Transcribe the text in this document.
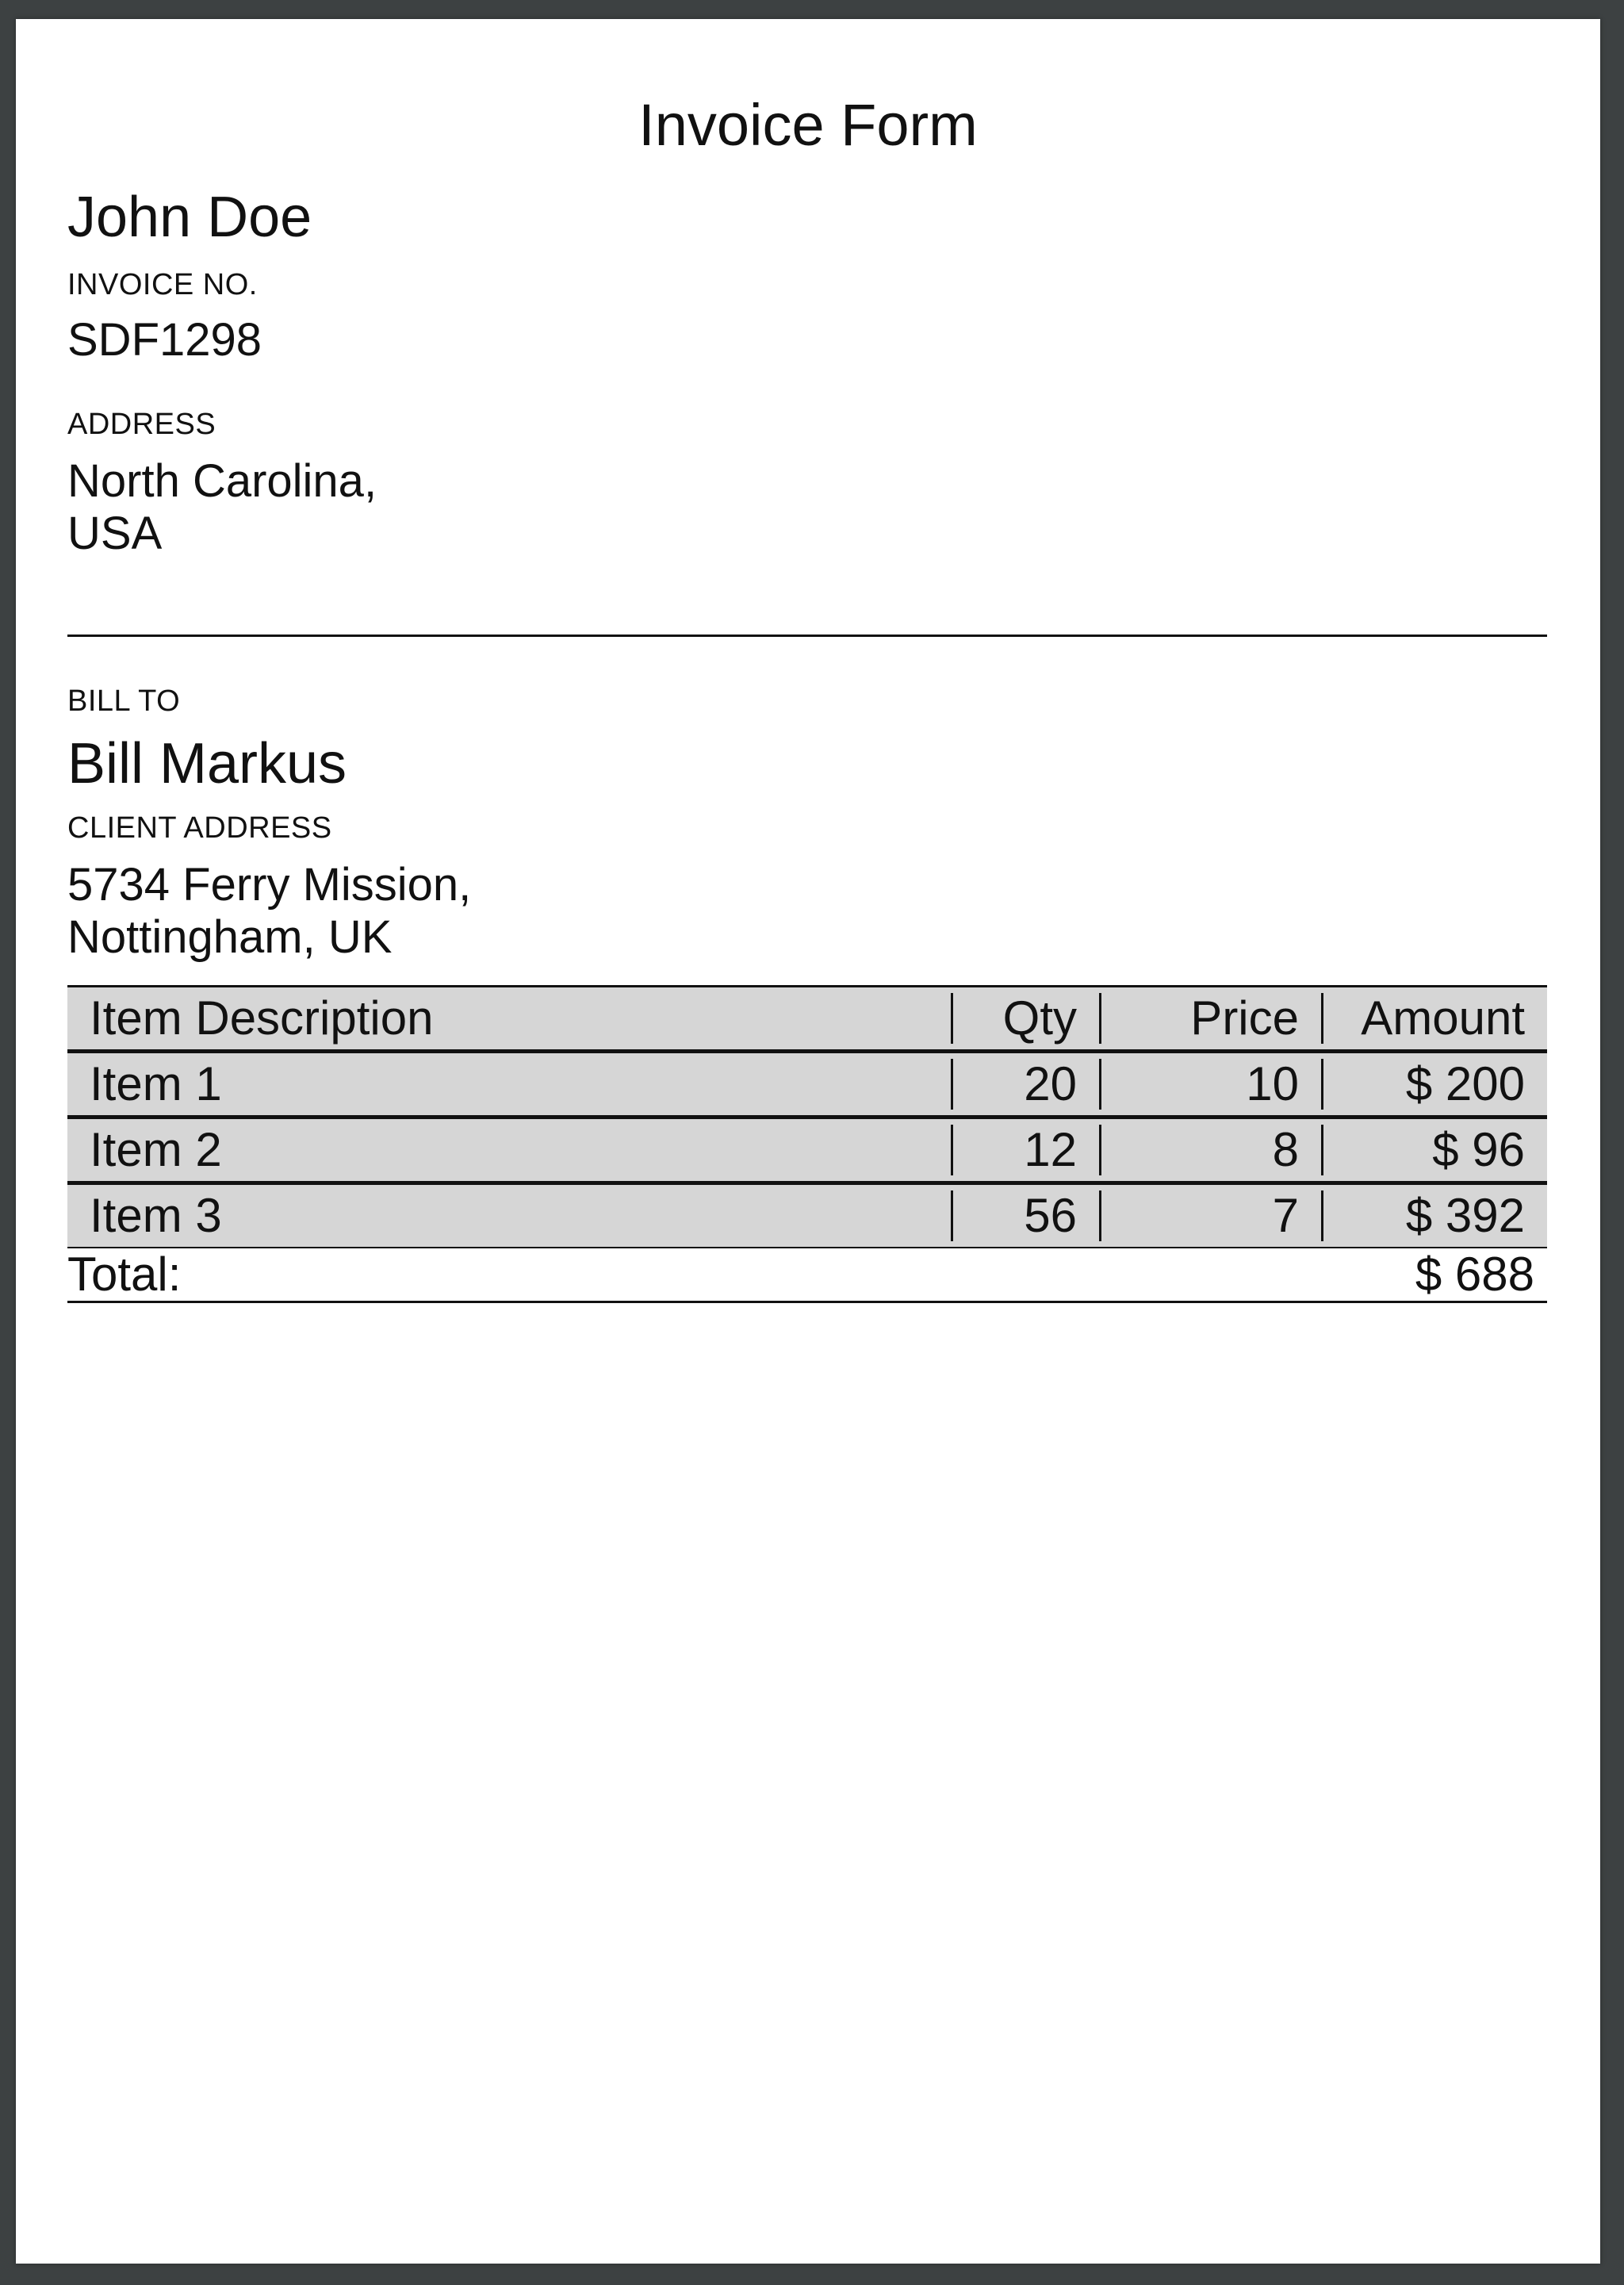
Invoice Form

John Doe

INVOICE NO.

SDF1298

ADDRESS

North Carolina,

USA

BILL TO

Bill Markus

CLIENT ADDRESS

5734 Ferry Mission,

Nottingham, UK

Item Description	Qty	Price	Amount
Item 1	20	10	$ 200
Item 2	12	8	$ 96
Item 3	56	7	$ 392
Total:	$ 688
